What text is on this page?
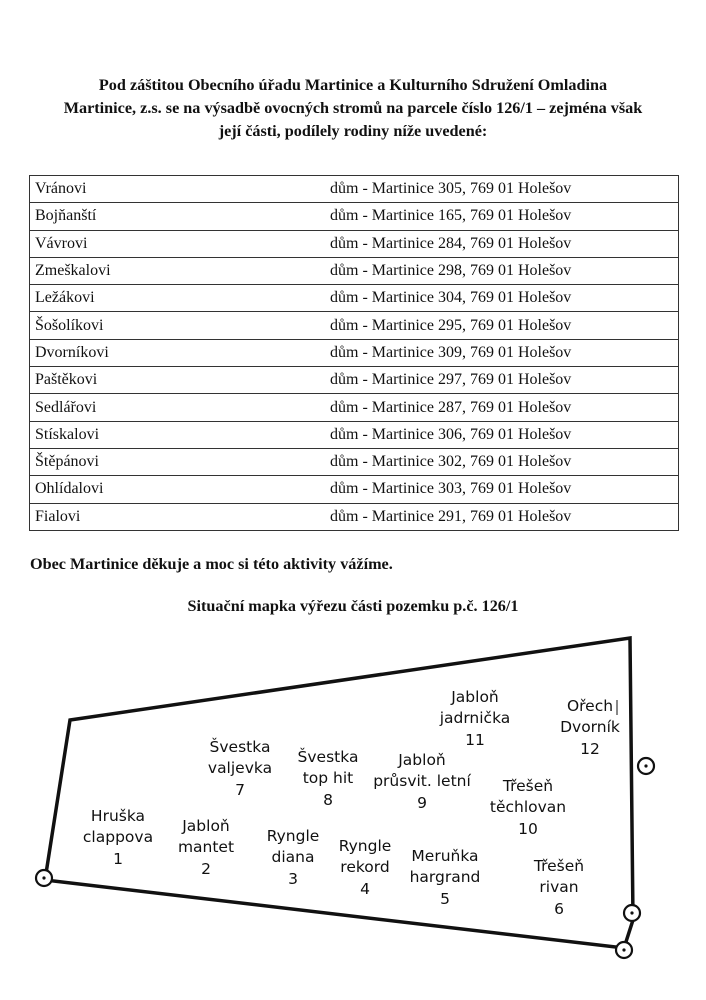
Pod záštitou Obecního úřadu Martinice a Kulturního Sdružení Omladina
Martinice, z.s. se na výsadbě ovocných stromů na parcele číslo 126/1 – zejména však
její části, podílely rodiny níže uvedené:
Vránovi	dům - Martinice 305, 769 01 Holešov
Bojňanští	dům - Martinice 165, 769 01 Holešov
Vávrovi	dům - Martinice 284, 769 01 Holešov
Zmeškalovi	dům - Martinice 298, 769 01 Holešov
Ležákovi	dům - Martinice 304, 769 01 Holešov
Šošolíkovi	dům - Martinice 295, 769 01 Holešov
Dvorníkovi	dům - Martinice 309, 769 01 Holešov
Paštěkovi	dům - Martinice 297, 769 01 Holešov
Sedlářovi	dům - Martinice 287, 769 01 Holešov
Stískalovi	dům - Martinice 306, 769 01 Holešov
Štěpánovi	dům - Martinice 302, 769 01 Holešov
Ohlídalovi	dům - Martinice 303, 769 01 Holešov
Fialovi	dům - Martinice 291, 769 01 Holešov
Obec Martinice děkuje a moc si této aktivity vážíme.
Situační mapka výřezu části pozemku p.č. 126/1
Hruška
clappova
1
Jabloň
mantet
2
Ryngle
diana
3
Ryngle
rekord
4
Meruňka
hargrand
5
Třešeň
rivan
6
Švestka
valjevka
7
Švestka
top hit
8
Jabloň
průsvit. letní
9
Třešeň
těchlovan
10
Jabloň
jadrnička
11
Ořech
Dvorník
12
